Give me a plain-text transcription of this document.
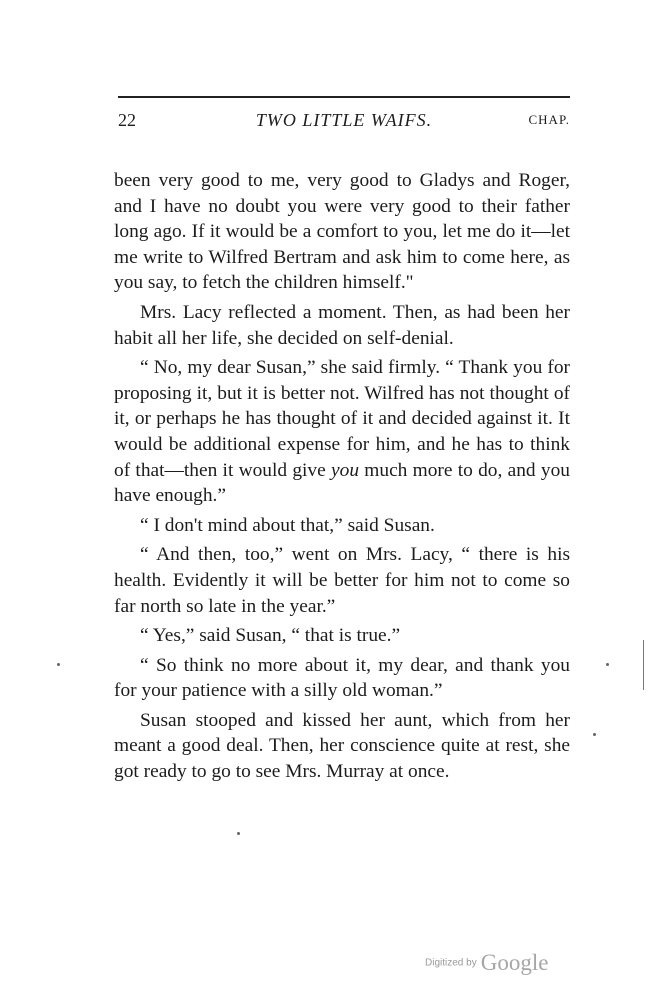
22	TWO LITTLE WAIFS.	CHAP.

been very good to me, very good to Gladys and Roger, and I have no doubt you were very good to their father long ago. If it would be a comfort to you, let me do it—let me write to Wilfred Bertram and ask him to come here, as you say, to fetch the children himself."

Mrs. Lacy reflected a moment. Then, as had been her habit all her life, she decided on self-denial.

“ No, my dear Susan,” she said firmly. “ Thank you for proposing it, but it is better not. Wilfred has not thought of it, or perhaps he has thought of it and decided against it. It would be additional expense for him, and he has to think of that—then it would give you much more to do, and you have enough.”

“ I don't mind about that,” said Susan.

“ And then, too,” went on Mrs. Lacy, “ there is his health. Evidently it will be better for him not to come so far north so late in the year.”

“ Yes,” said Susan, “ that is true.”

“ So think no more about it, my dear, and thank you for your patience with a silly old woman.”

Susan stooped and kissed her aunt, which from her meant a good deal. Then, her conscience quite at rest, she got ready to go to see Mrs. Murray at once.

Digitized by Google
